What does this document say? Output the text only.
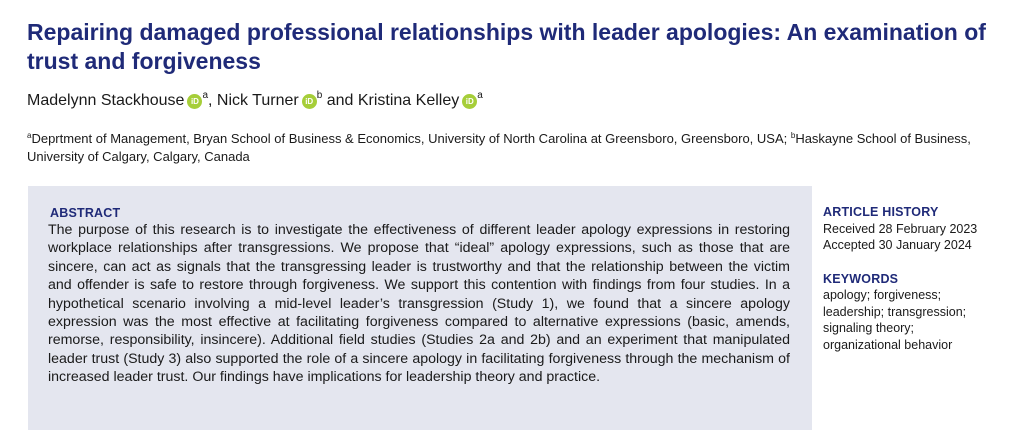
Repairing damaged professional relationships with leader apologies: An examination of trust and forgiveness
Madelynn Stackhouse $iD^a$, Nick Turner $iD^b$ and Kristina Kelley $iD^a$
$^a$Deprtment of Management, Bryan School of Business & Economics, University of North Carolina at Greensboro, Greensboro, USA; $^b$Haskayne School of Business, University of Calgary, Calgary, Canada
ABSTRACT
The purpose of this research is to investigate the effectiveness of different leader apology expressions in restoring workplace relationships after transgressions. We propose that “ideal” apology expressions, such as those that are sincere, can act as signals that the transgressing leader is trustworthy and that the relationship between the victim and offender is safe to restore through forgiveness. We support this contention with findings from four studies. In a hypothetical scenario involving a mid-level leader’s transgression (Study 1), we found that a sincere apology expression was the most effective at facilitating forgiveness compared to alternative expressions (basic, amends, remorse, responsibility, insincere). Additional field studies (Studies 2a and 2b) and an experiment that manipulated leader trust (Study 3) also supported the role of a sincere apology in facilitating forgiveness through the mechanism of increased leader trust. Our findings have implications for leadership theory and practice.
ARTICLE HISTORY
Received 28 February 2023
Accepted 30 January 2024
KEYWORDS
apology; forgiveness;
leadership; transgression;
signaling theory;
organizational behavior
